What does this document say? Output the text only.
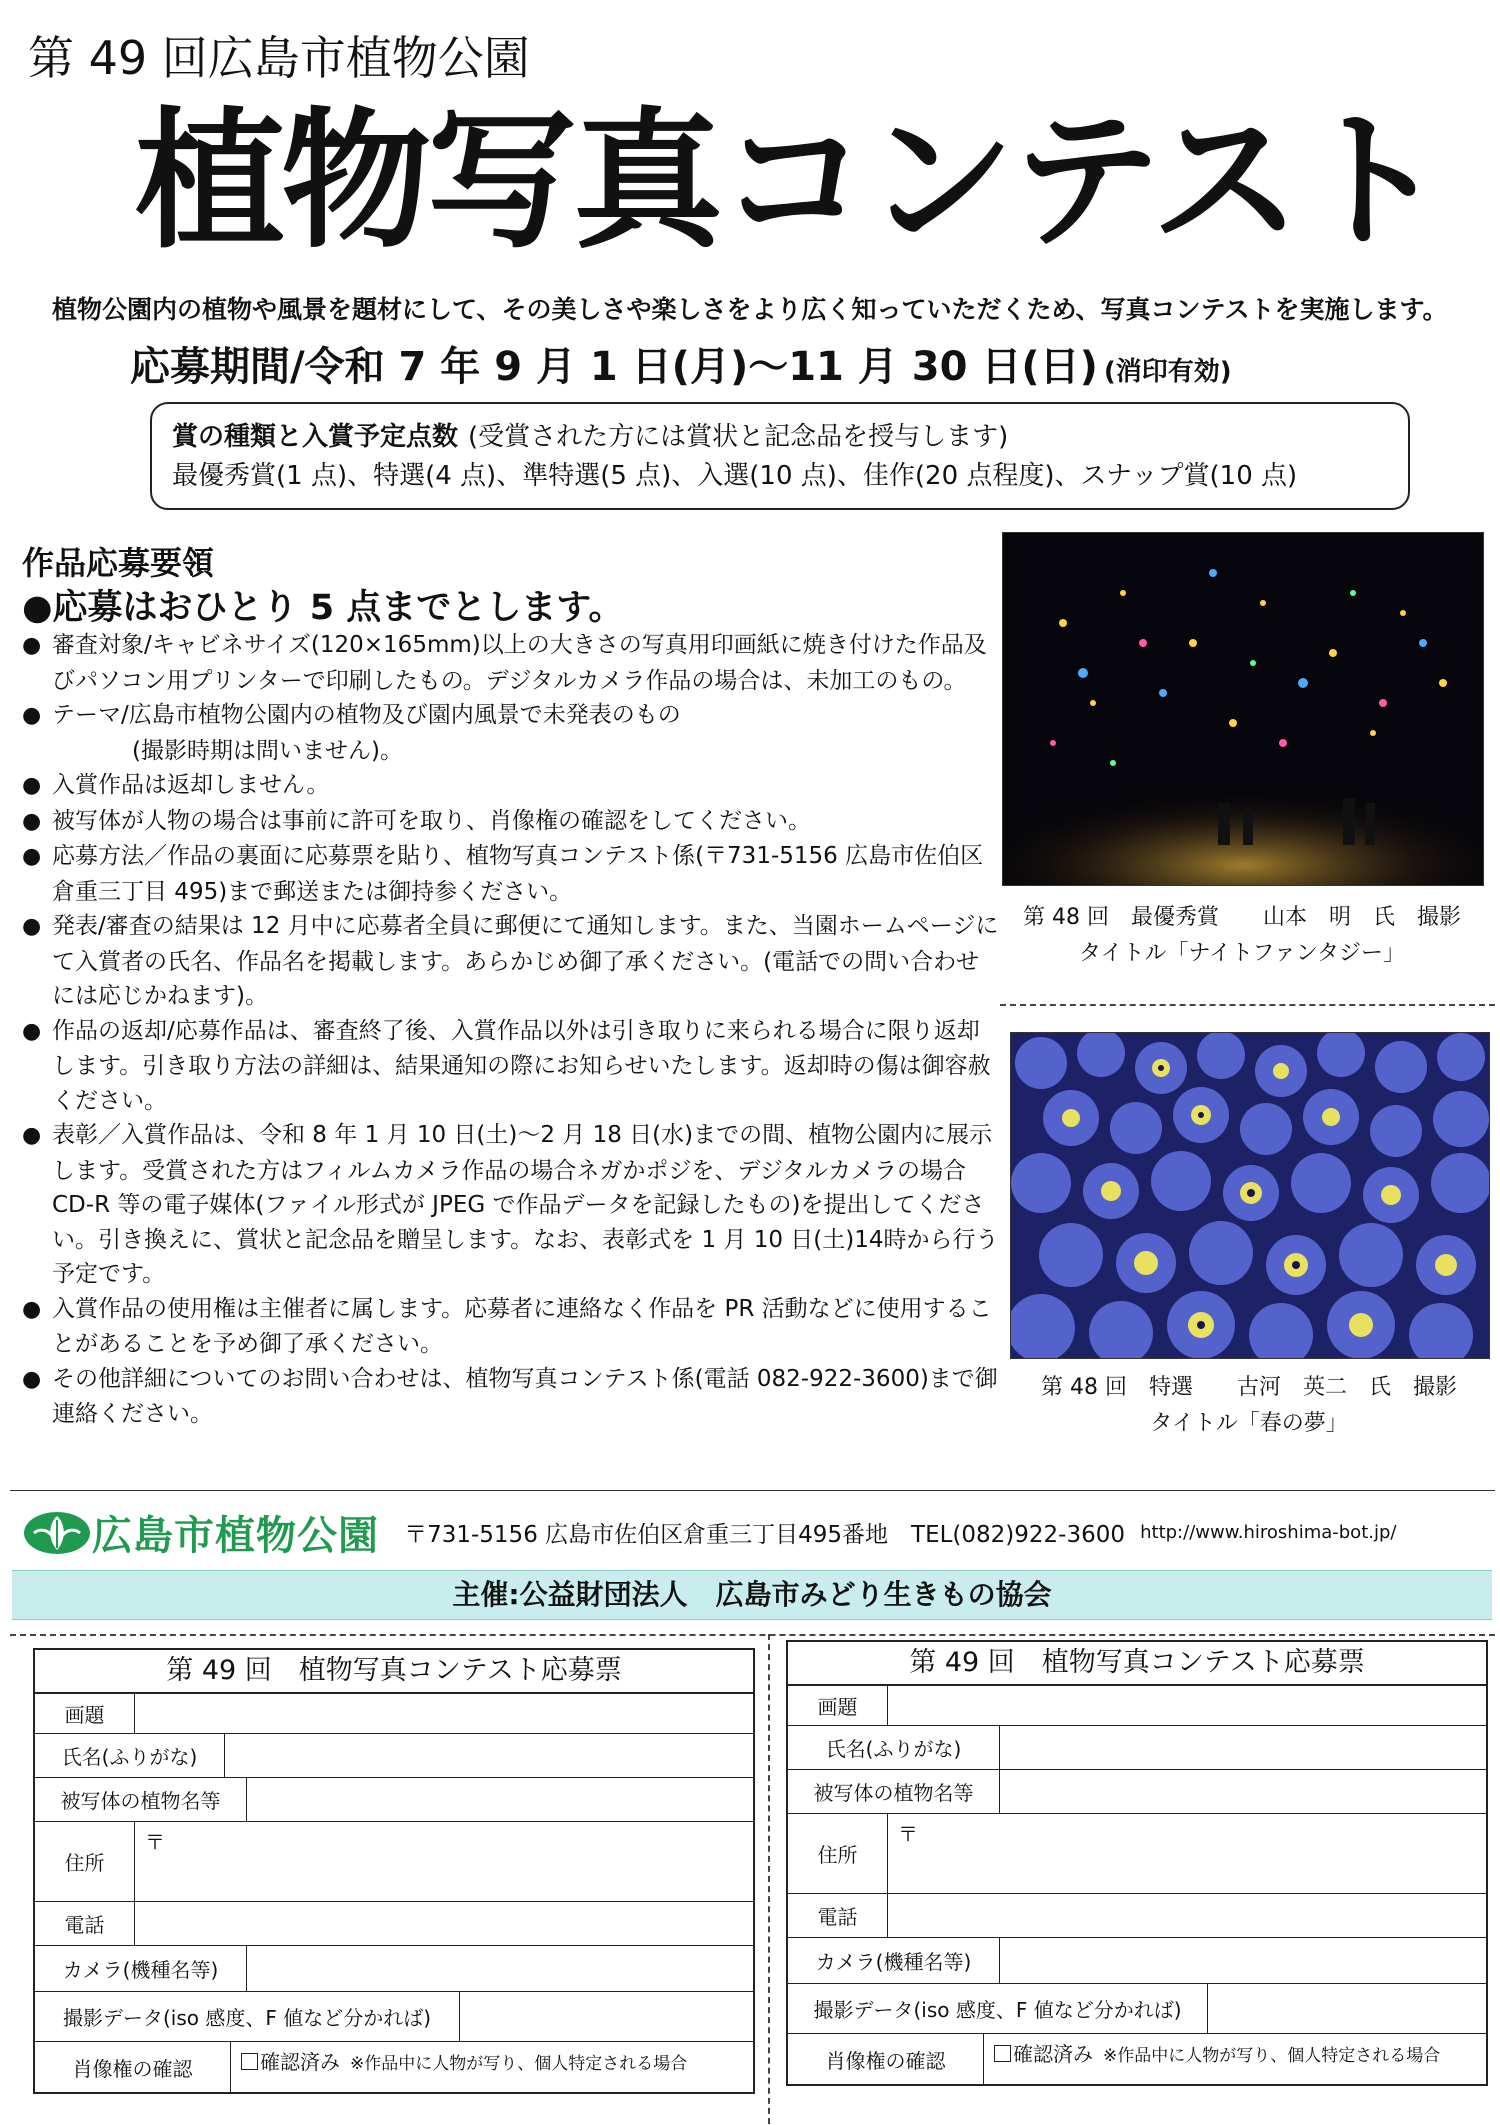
第 49 回広島市植物公園
植物写真コンテスト
植物公園内の植物や風景を題材にして、その美しさや楽しさをより広く知っていただくため、写真コンテストを実施します。
応募期間/令和 7 年 9 月 1 日(月)〜11 月 30 日(日) (消印有効)
賞の種類と入賞予定点数 (受賞された方には賞状と記念品を授与します)
最優秀賞(1 点)、特選(4 点)、準特選(5 点)、入選(10 点)、佳作(20 点程度)、スナップ賞(10 点)
作品応募要領
●応募はおひとり 5 点までとします。
● 審査対象/キャビネサイズ(120×165mm)以上の大きさの写真用印画紙に焼き付けた作品及びパソコン用プリンターで印刷したもの。デジタルカメラ作品の場合は、未加工のもの。
● テーマ/広島市植物公園内の植物及び園内風景で未発表のもの
(撮影時期は問いません)。
● 入賞作品は返却しません。
● 被写体が人物の場合は事前に許可を取り、肖像権の確認をしてください。
● 応募方法／作品の裏面に応募票を貼り、植物写真コンテスト係(〒731-5156 広島市佐伯区倉重三丁目 495)まで郵送または御持参ください。
● 発表/審査の結果は 12 月中に応募者全員に郵便にて通知します。また、当園ホームページにて入賞者の氏名、作品名を掲載します。あらかじめ御了承ください。(電話での問い合わせには応じかねます)。
● 作品の返却/応募作品は、審査終了後、入賞作品以外は引き取りに来られる場合に限り返却します。引き取り方法の詳細は、結果通知の際にお知らせいたします。返却時の傷は御容赦ください。
● 表彰／入賞作品は、令和 8 年 1 月 10 日(土)〜2 月 18 日(水)までの間、植物公園内に展示します。受賞された方はフィルムカメラ作品の場合ネガかポジを、デジタルカメラの場合 CD-R 等の電子媒体(ファイル形式が JPEG で作品データを記録したもの)を提出してください。引き換えに、賞状と記念品を贈呈します。なお、表彰式を 1 月 10 日(土)14時から行う予定です。
● 入賞作品の使用権は主催者に属します。応募者に連絡なく作品を PR 活動などに使用することがあることを予め御了承ください。
● その他詳細についてのお問い合わせは、植物写真コンテスト係(電話 082-922-3600)まで御連絡ください。
第 48 回　最優秀賞　　山本　明　氏　撮影
タイトル「ナイトファンタジー」
第 48 回　特選　　古河　英二　氏　撮影
タイトル「春の夢」
広島市植物公園 〒731-5156 広島市佐伯区倉重三丁目495番地　TEL(082)922-3600 http://www.hiroshima-bot.jp/
主催:公益財団法人　広島市みどり生きもの協会
第 49 回　植物写真コンテスト応募票
画題
氏名(ふりがな)
被写体の植物名等
住所
〒
電話
カメラ(機種名等)
撮影データ(iso 感度、F 値など分かれば)
肖像権の確認	確認済み ※作品中に人物が写り、個人特定される場合
第 49 回　植物写真コンテスト応募票
画題
氏名(ふりがな)
被写体の植物名等
住所
〒
電話
カメラ(機種名等)
撮影データ(iso 感度、F 値など分かれば)
肖像権の確認	確認済み ※作品中に人物が写り、個人特定される場合
